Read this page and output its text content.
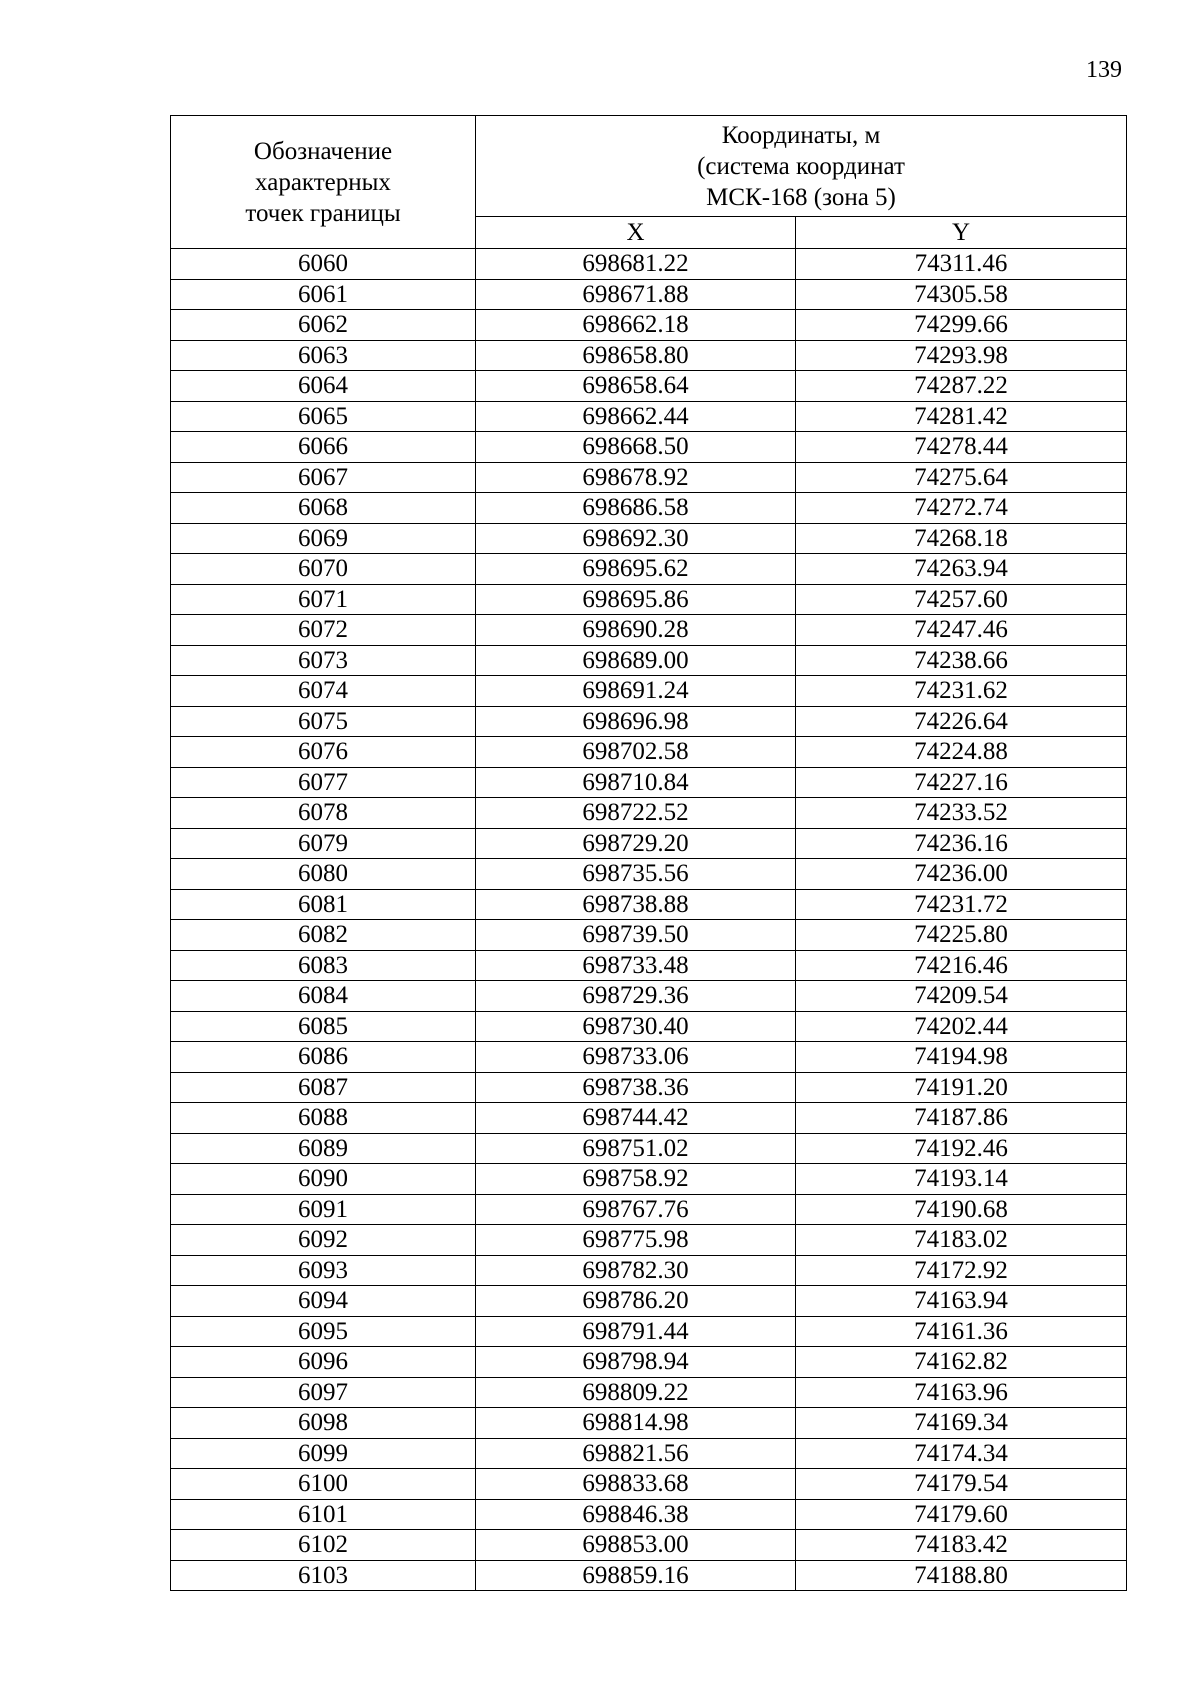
139
Обозначение
характерных
точек границы	Координаты, м
(система координат
МСК-168 (зона 5)	

	X	Y
6060	698681.22	74311.46
6061	698671.88	74305.58
6062	698662.18	74299.66
6063	698658.80	74293.98
6064	698658.64	74287.22
6065	698662.44	74281.42
6066	698668.50	74278.44
6067	698678.92	74275.64
6068	698686.58	74272.74
6069	698692.30	74268.18
6070	698695.62	74263.94
6071	698695.86	74257.60
6072	698690.28	74247.46
6073	698689.00	74238.66
6074	698691.24	74231.62
6075	698696.98	74226.64
6076	698702.58	74224.88
6077	698710.84	74227.16
6078	698722.52	74233.52
6079	698729.20	74236.16
6080	698735.56	74236.00
6081	698738.88	74231.72
6082	698739.50	74225.80
6083	698733.48	74216.46
6084	698729.36	74209.54
6085	698730.40	74202.44
6086	698733.06	74194.98
6087	698738.36	74191.20
6088	698744.42	74187.86
6089	698751.02	74192.46
6090	698758.92	74193.14
6091	698767.76	74190.68
6092	698775.98	74183.02
6093	698782.30	74172.92
6094	698786.20	74163.94
6095	698791.44	74161.36
6096	698798.94	74162.82
6097	698809.22	74163.96
6098	698814.98	74169.34
6099	698821.56	74174.34
6100	698833.68	74179.54
6101	698846.38	74179.60
6102	698853.00	74183.42
6103	698859.16	74188.80
